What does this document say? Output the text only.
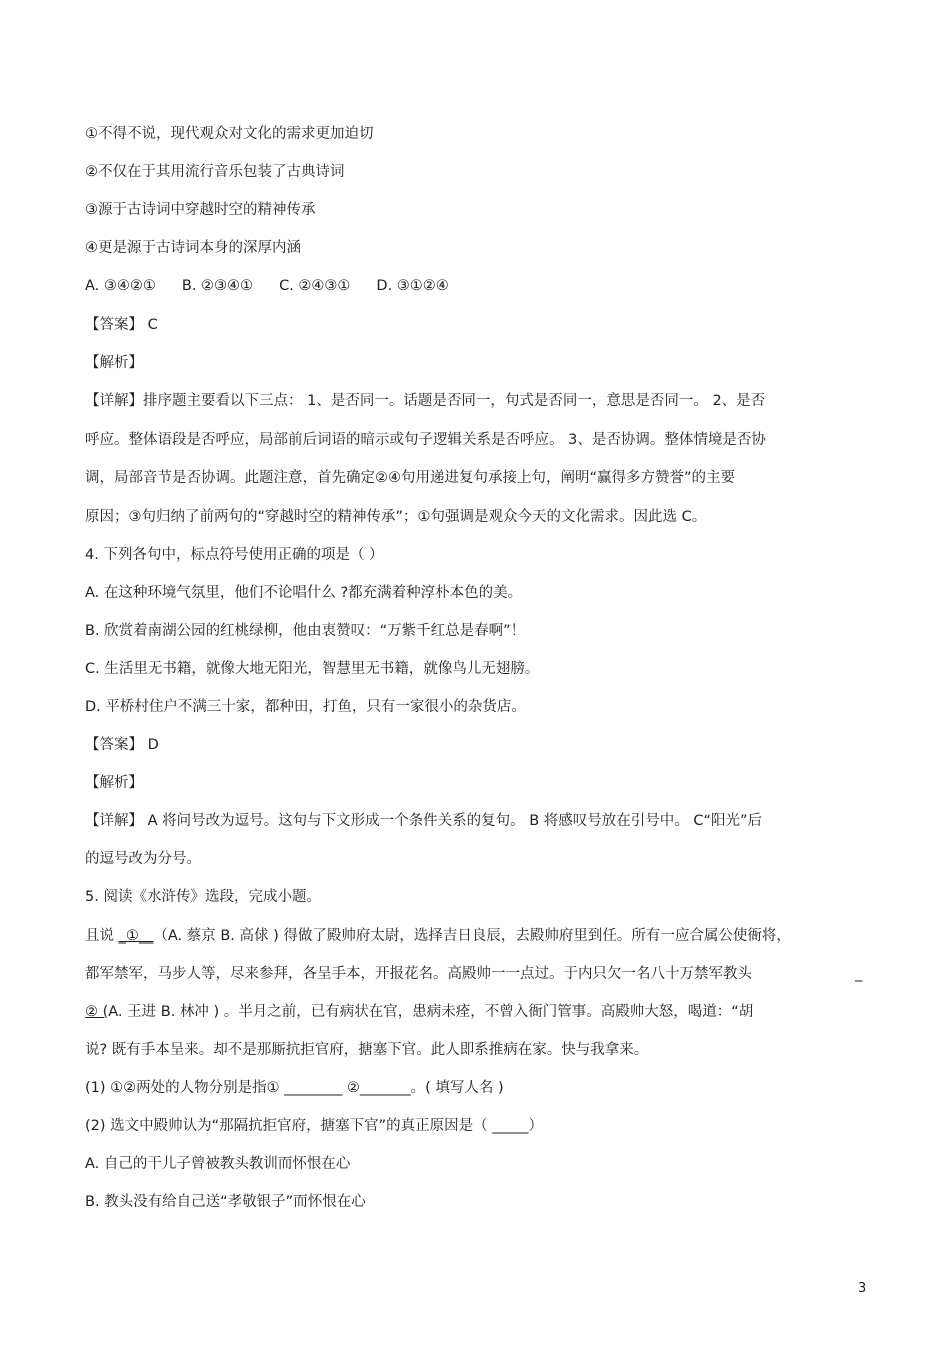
①不得不说，现代观众对文化的需求更加迫切
②不仅在于其用流行音乐包装了古典诗词
③源于古诗词中穿越时空的精神传承
④更是源于古诗词本身的深厚内涵
A. ③④②① B. ②③④① C. ②④③① D. ③①②④
【答案】 C
【解析】
【详解】排序题主要看以下三点： 1、是否同一。话题是否同一，句式是否同一，意思是否同一。 2、是否
呼应。整体语段是否呼应，局部前后词语的暗示或句子逻辑关系是否呼应。 3、是否协调。整体情境是否协
调，局部音节是否协调。此题注意，首先确定②④句用递进复句承接上句，阐明“赢得多方赞誉”的主要
原因；③句归纳了前两句的“穿越时空的精神传承”；①句强调是观众今天的文化需求。因此选 C。
4. 下列各句中，标点符号使用正确的项是（ ）
A. 在这种环境气氛里，他们不论唱什么 ?都充满着种淳朴本色的美。
B. 欣赏着南湖公园的红桃绿柳，他由衷赞叹：“万紫千红总是春啊”！
C. 生活里无书籍，就像大地无阳光，智慧里无书籍，就像鸟儿无翅膀。
D. 平桥村住户不满三十家，都种田，打鱼，只有一家很小的杂货店。
【答案】 D
【解析】
【详解】 A 将问号改为逗号。这句与下文形成一个条件关系的复句。 B 将感叹号放在引号中。 C“阳光”后
的逗号改为分号。
5. 阅读《水浒传》选段，完成小题。
且说 _①__（A. 蔡京 B. 高俅 ) 得做了殿帅府太尉，选择吉日良辰，去殿帅府里到任。所有一应合属公使衙将，
都军禁军，马步人等，尽来参拜，各呈手本，开报花名。高殿帅一一点过。于内只欠一名八十万禁军教头	_
② (A. 王进 B. 林冲 ) 。半月之前，已有病状在官，患病未痊，不曾入衙门管事。高殿帅大怒，喝道：“胡
说? 既有手本呈来。却不是那厮抗拒官府，搪塞下官。此人即系推病在家。快与我拿来。
(1) ①②两处的人物分别是指① ________ ②_______。( 填写人名 )
(2) 选文中殿帅认为“那隔抗拒官府，搪塞下官”的真正原因是（ _____）
A. 自己的干儿子曾被教头教训而怀恨在心
B. 教头没有给自己送“孝敬银子”而怀恨在心
3
